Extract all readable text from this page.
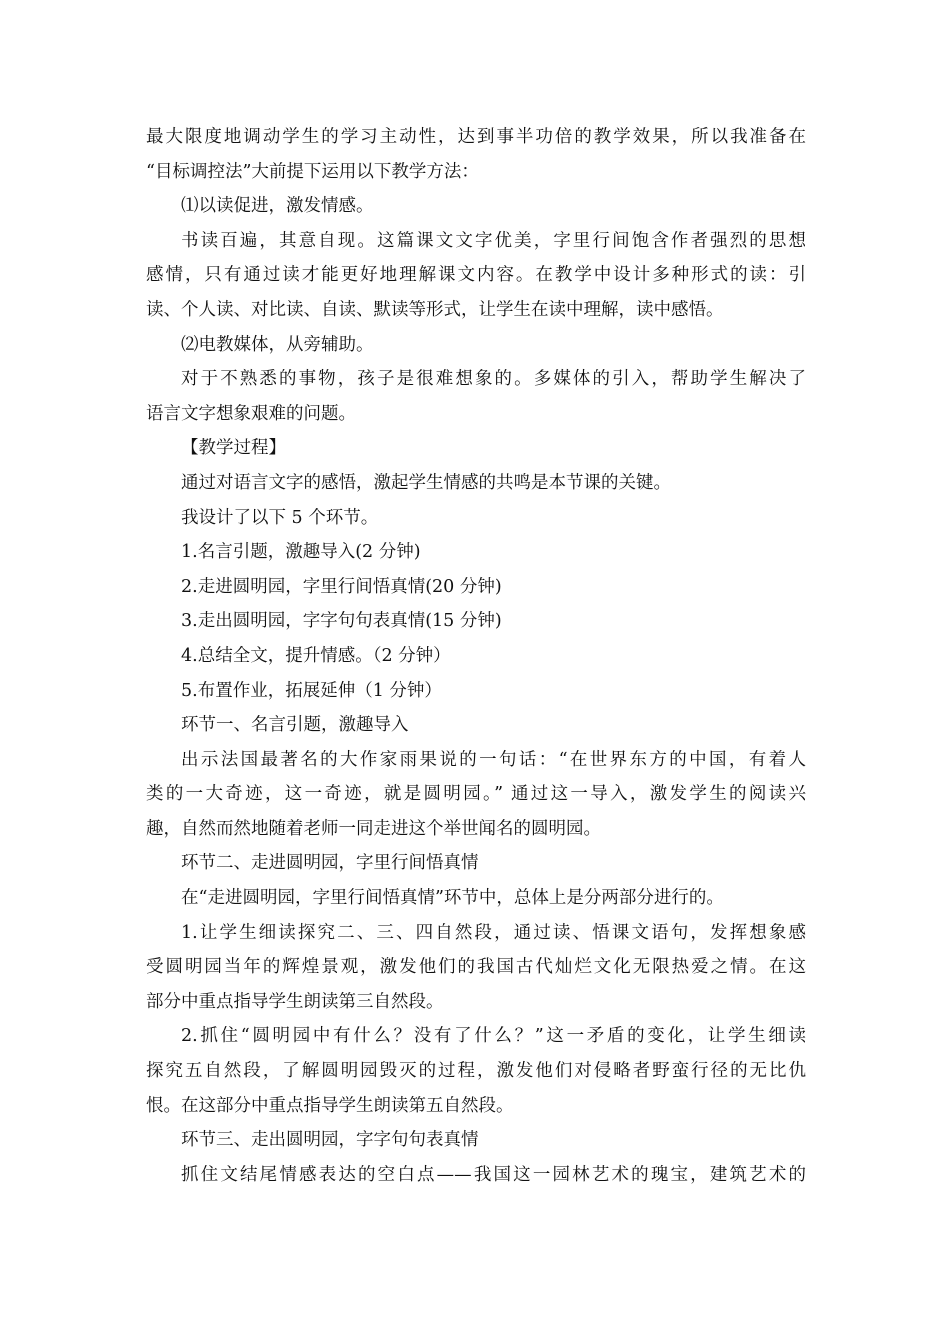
最大限度地调动学生的学习主动性，达到事半功倍的教学效果，所以我准备在
“目标调控法”大前提下运用以下教学方法：
⑴以读促进，激发情感。
书读百遍，其意自现。这篇课文文字优美，字里行间饱含作者强烈的思想
感情，只有通过读才能更好地理解课文内容。在教学中设计多种形式的读：引
读、个人读、对比读、自读、默读等形式，让学生在读中理解，读中感悟。
⑵电教媒体，从旁辅助。
对于不熟悉的事物，孩子是很难想象的。多媒体的引入，帮助学生解决了
语言文字想象艰难的问题。
【教学过程】
通过对语言文字的感悟，激起学生情感的共鸣是本节课的关键。
我设计了以下 5 个环节。
1.名言引题，激趣导入(2 分钟)
2.走进圆明园，字里行间悟真情(20 分钟)
3.走出圆明园，字字句句表真情(15 分钟)
4.总结全文，提升情感。（2 分钟）
5.布置作业，拓展延伸（1 分钟）
环节一、名言引题，激趣导入
出示法国最著名的大作家雨果说的一句话：“在世界东方的中国，有着人
类的一大奇迹，这一奇迹，就是圆明园。” 通过这一导入，激发学生的阅读兴
趣，自然而然地随着老师一同走进这个举世闻名的圆明园。
环节二、走进圆明园，字里行间悟真情
在“走进圆明园，字里行间悟真情”环节中，总体上是分两部分进行的。
1.让学生细读探究二、三、四自然段，通过读、悟课文语句，发挥想象感
受圆明园当年的辉煌景观，激发他们的我国古代灿烂文化无限热爱之情。在这
部分中重点指导学生朗读第三自然段。
2.抓住“圆明园中有什么？没有了什么？”这一矛盾的变化，让学生细读
探究五自然段，了解圆明园毁灭的过程，激发他们对侵略者野蛮行径的无比仇
恨。在这部分中重点指导学生朗读第五自然段。
环节三、走出圆明园，字字句句表真情
抓住文结尾情感表达的空白点——我国这一园林艺术的瑰宝，建筑艺术的
